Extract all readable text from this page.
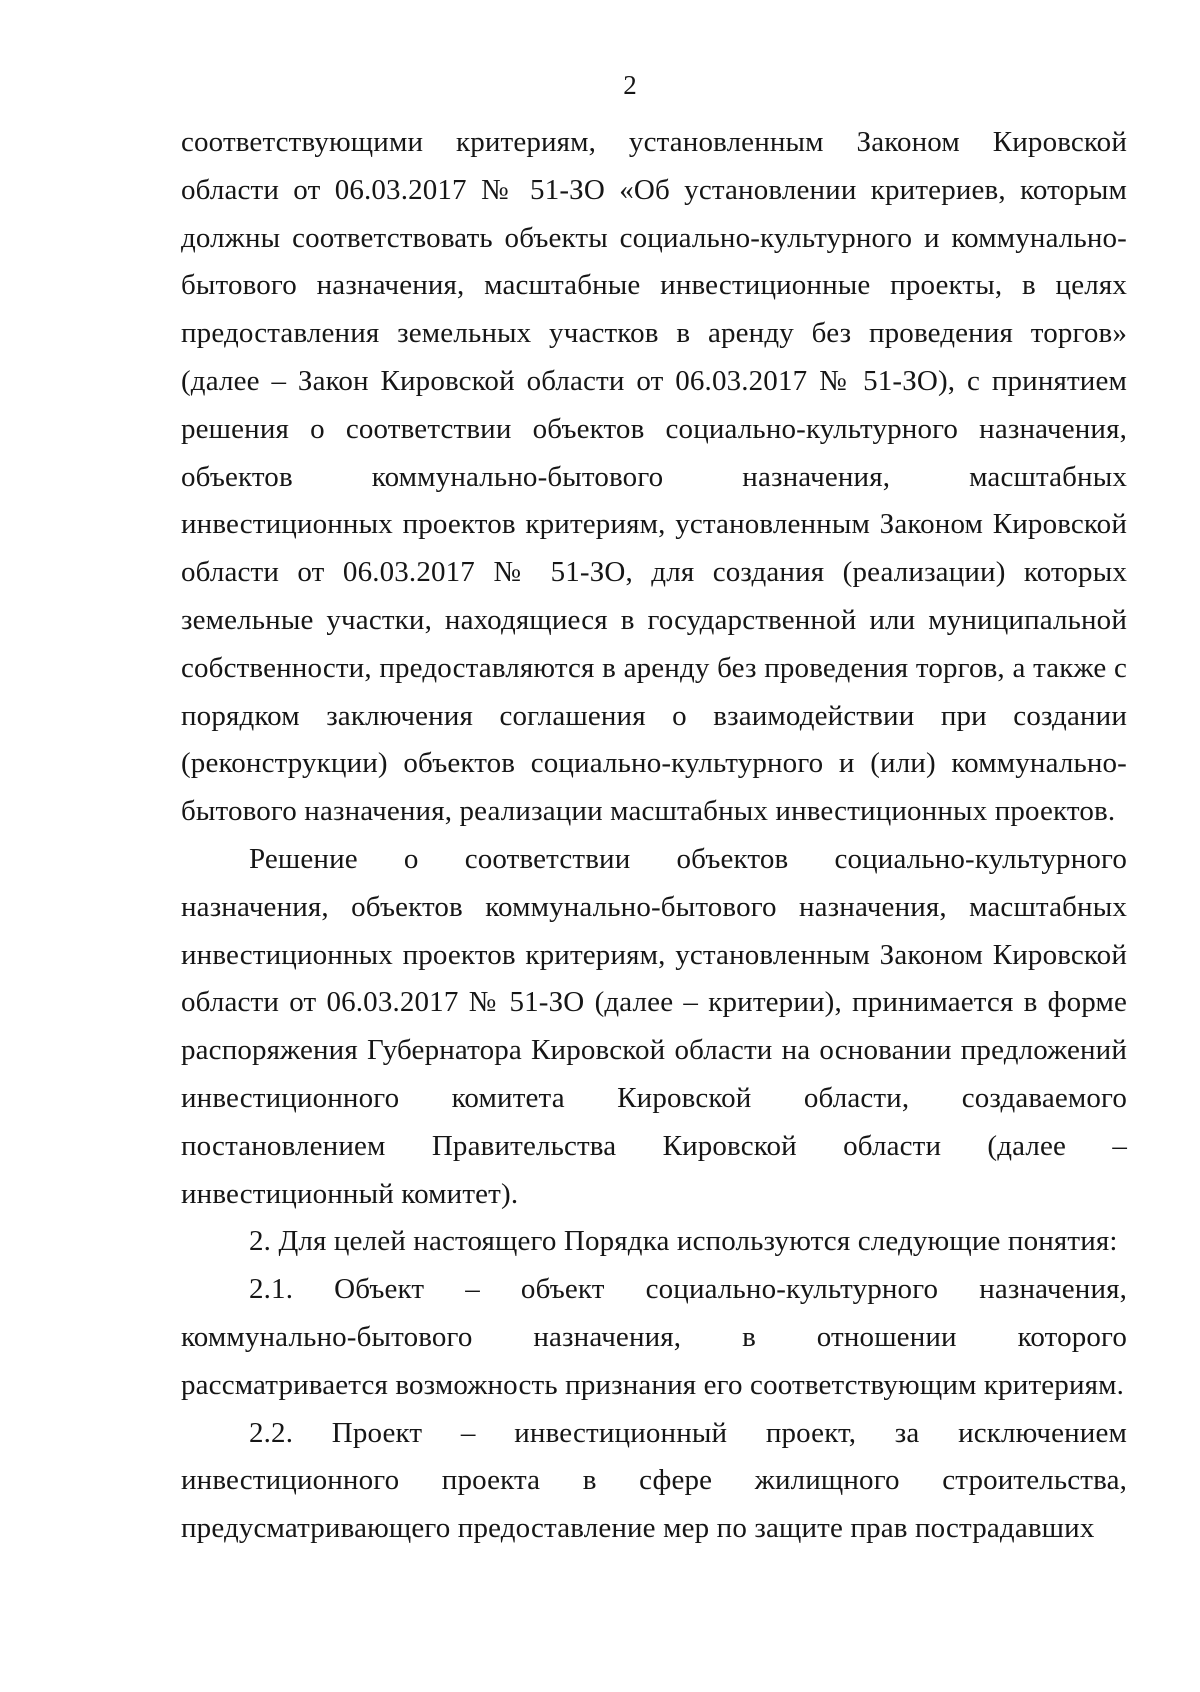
2

соответствующими критериям, установленным Законом Кировской области от 06.03.2017 № 51-ЗО «Об установлении критериев, которым должны соответствовать объекты социально-культурного и коммунально-бытового назначения, масштабные инвестиционные проекты, в целях предоставления земельных участков в аренду без проведения торгов» (далее – Закон Кировской области от 06.03.2017 № 51-ЗО), с принятием решения о соответствии объектов социально-культурного назначения, объектов коммунально-бытового назначения, масштабных инвестиционных проектов критериям, установленным Законом Кировской области от 06.03.2017 № 51-ЗО, для создания (реализации) которых земельные участки, находящиеся в государственной или муниципальной собственности, предоставляются в аренду без проведения торгов, а также с порядком заключения соглашения о взаимодействии при создании (реконструкции) объектов социально-культурного и (или) коммунально-бытового назначения, реализации масштабных инвестиционных проектов.

Решение о соответствии объектов социально-культурного назначения, объектов коммунально-бытового назначения, масштабных инвестиционных проектов критериям, установленным Законом Кировской области от 06.03.2017 № 51-ЗО (далее – критерии), принимается в форме распоряжения Губернатора Кировской области на основании предложений инвестиционного комитета Кировской области, создаваемого постановлением Правительства Кировской области (далее – инвестиционный комитет).

2. Для целей настоящего Порядка используются следующие понятия:

2.1. Объект – объект социально-культурного назначения, коммунально-бытового назначения, в отношении которого рассматривается возможность признания его соответствующим критериям.

2.2. Проект – инвестиционный проект, за исключением инвестиционного проекта в сфере жилищного строительства, предусматривающего предоставление мер по защите прав пострадавших
